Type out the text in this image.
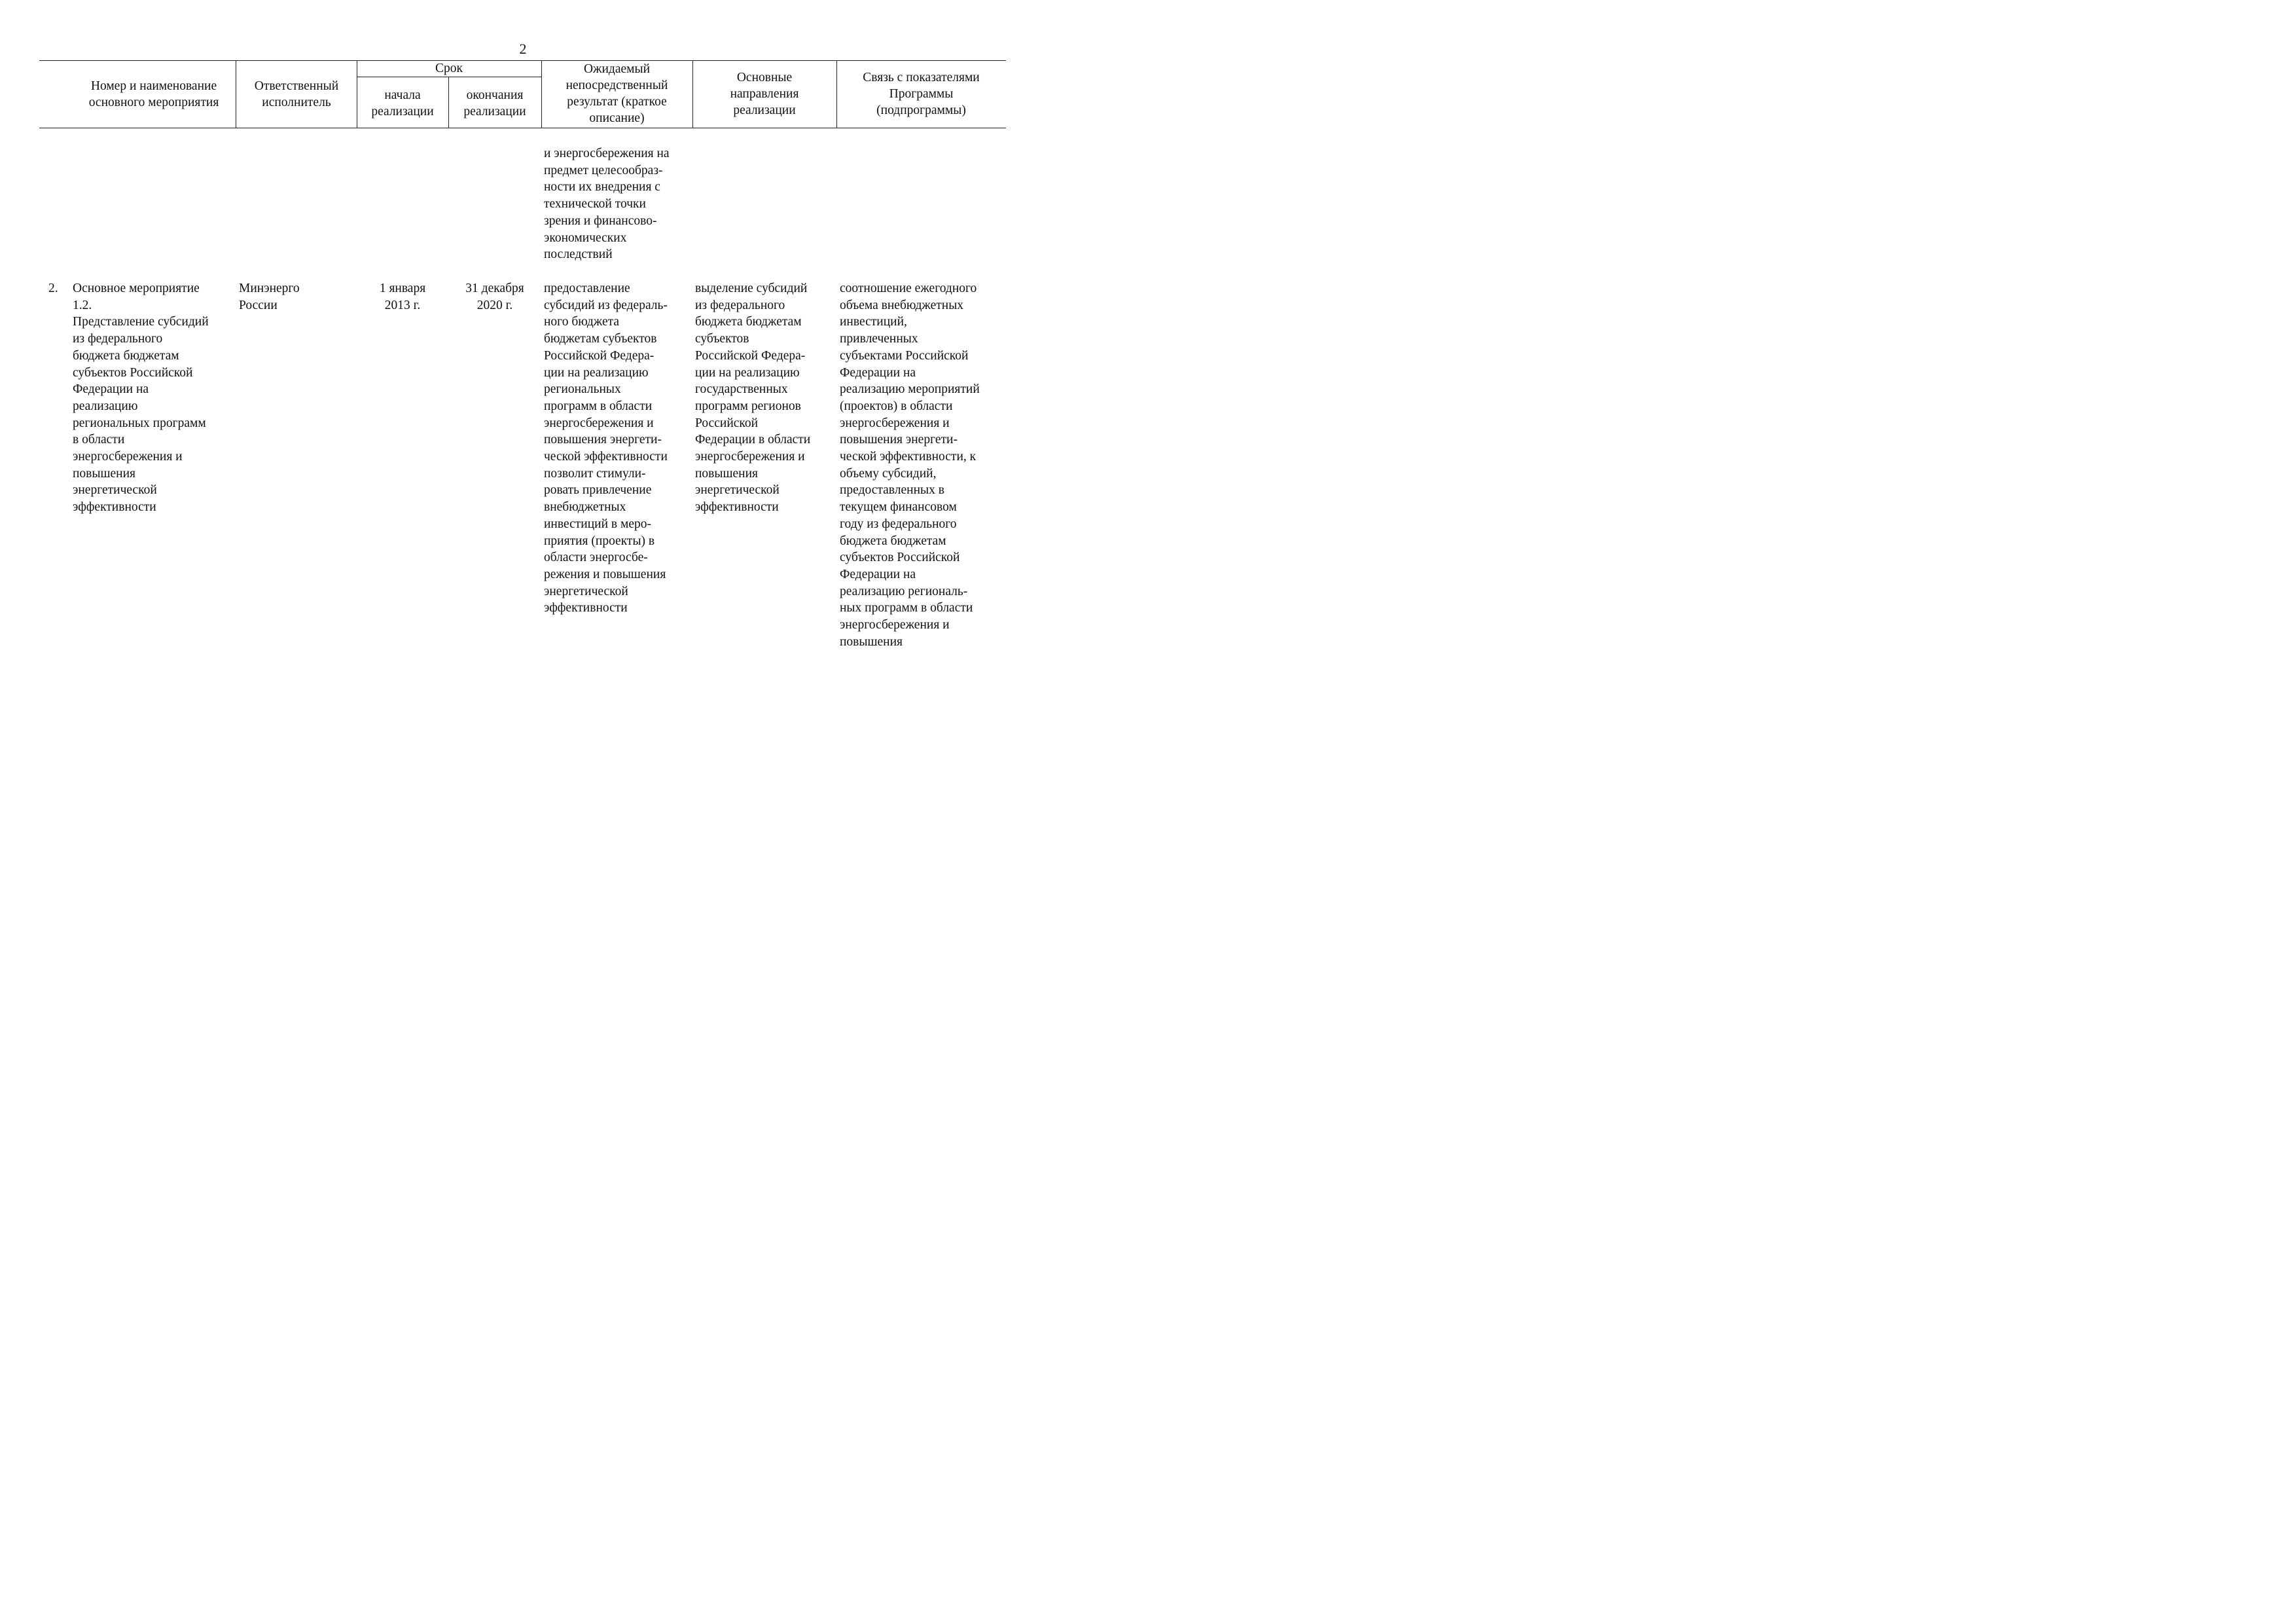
2
Номер и наименование
основного мероприятия
Ответственный
исполнитель
Срок
начала
реализации
окончания
реализации
Ожидаемый
непосредственный
результат (краткое
описание)
Основные
направления
реализации
Связь с показателями
Программы
(подпрограммы)
и энергосбережения на
предмет целесообраз-
ности их внедрения с
технической точки
зрения и финансово-
экономических
последствий
2.	Основное мероприятие
1.2.
Представление субсидий
из федерального
бюджета бюджетам
субъектов Российской
Федерации на
реализацию
региональных программ
в области
энергосбережения и
повышения
энергетической
эффективности
Минэнерго
России
1 января
2013 г.
31 декабря
2020 г.
предоставление
субсидий из федераль-
ного бюджета
бюджетам субъектов
Российской Федера-
ции на реализацию
региональных
программ в области
энергосбережения и
повышения энергети-
ческой эффективности
позволит стимули-
ровать привлечение
внебюджетных
инвестиций в меро-
приятия (проекты) в
области энергосбе-
режения и повышения
энергетической
эффективности
выделение субсидий
из федерального
бюджета бюджетам
субъектов
Российской Федера-
ции на реализацию
государственных
программ регионов
Российской
Федерации в области
энергосбережения и
повышения
энергетической
эффективности
соотношение ежегодного
объема внебюджетных
инвестиций,
привлеченных
субъектами Российской
Федерации на
реализацию мероприятий
(проектов) в области
энергосбережения и
повышения энергети-
ческой эффективности, к
объему субсидий,
предоставленных в
текущем финансовом
году из федерального
бюджета бюджетам
субъектов Российской
Федерации на
реализацию региональ-
ных программ в области
энергосбережения и
повышения
